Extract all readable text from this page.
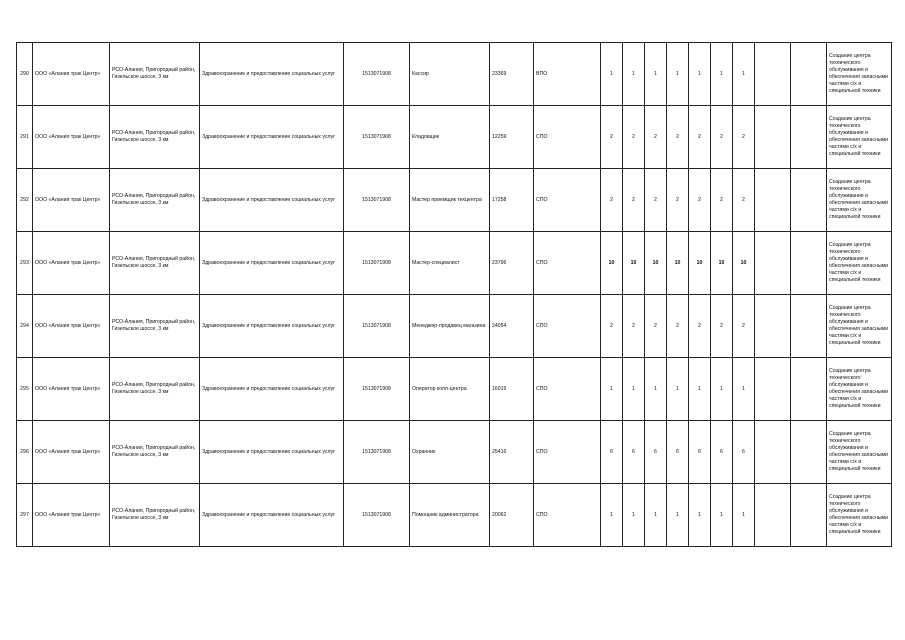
290	ООО «Алания трак Центр»	РСО-Алания, Пригородный район, Гизельское шоссе, 3 км	Здравоохранение и предоставление социальных услуг	1513071908	Кассир	23369	ВПО	1	1	1	1	1	1	1			Создание центра технического обслуживания и обеспечения запасными частями с/х и специальной техники
291	ООО «Алания трак Центр»	РСО-Алания, Пригородный район, Гизельское шоссе, 3 км	Здравоохранение и предоставление социальных услуг	1513071908	Кладовщик	12259	СПО	2	2	2	2	2	2	2			Создание центра технического обслуживания и обеспечения запасными частями с/х и специальной техники
292	ООО «Алания трак Центр»	РСО-Алания, Пригородный район, Гизельское шоссе, 3 км	Здравоохранение и предоставление социальных услуг	1513071908	Мастер приемщик техцентра	17258	СПО	2	2	2	2	2	2	2			Создание центра технического обслуживания и обеспечения запасными частями с/х и специальной техники
293	ООО «Алания трак Центр»	РСО-Алания, Пригородный район, Гизельское шоссе, 3 км	Здравоохранение и предоставление социальных услуг	1513071908	Мастер-специалист	23796	СПО	10	10	10	10	10	10	10			Создание центра технического обслуживания и обеспечения запасными частями с/х и специальной техники
294	ООО «Алания трак Центр»	РСО-Алания, Пригородный район, Гизельское шоссе, 3 км	Здравоохранение и предоставление социальных услуг	1513071908	Менеджер-продавец магазина	24054	СПО	2	2	2	2	2	2	2			Создание центра технического обслуживания и обеспечения запасными частями с/х и специальной техники
295	ООО «Алания трак Центр»	РСО-Алания, Пригородный район, Гизельское шоссе, 3 км	Здравоохранение и предоставление социальных услуг	1513071908	Оператор колл-центра	16019	СПО	1	1	1	1	1	1	1			Создание центра технического обслуживания и обеспечения запасными частями с/х и специальной техники
296	ООО «Алания трак Центр»	РСО-Алания, Пригородный район, Гизельское шоссе, 3 км	Здравоохранение и предоставление социальных услуг	1513071908	Охранник	25416	СПО	6	6	6	6	6	6	6			Создание центра технического обслуживания и обеспечения запасными частями с/х и специальной техники
297	ООО «Алания трак Центр»	РСО-Алания, Пригородный район, Гизельское шоссе, 3 км	Здравоохранение и предоставление социальных услуг	1513071908	Помощник администратора	20062	СПО	1	1	1	1	1	1	1			Создание центра технического обслуживания и обеспечения запасными частями с/х и специальной техники
